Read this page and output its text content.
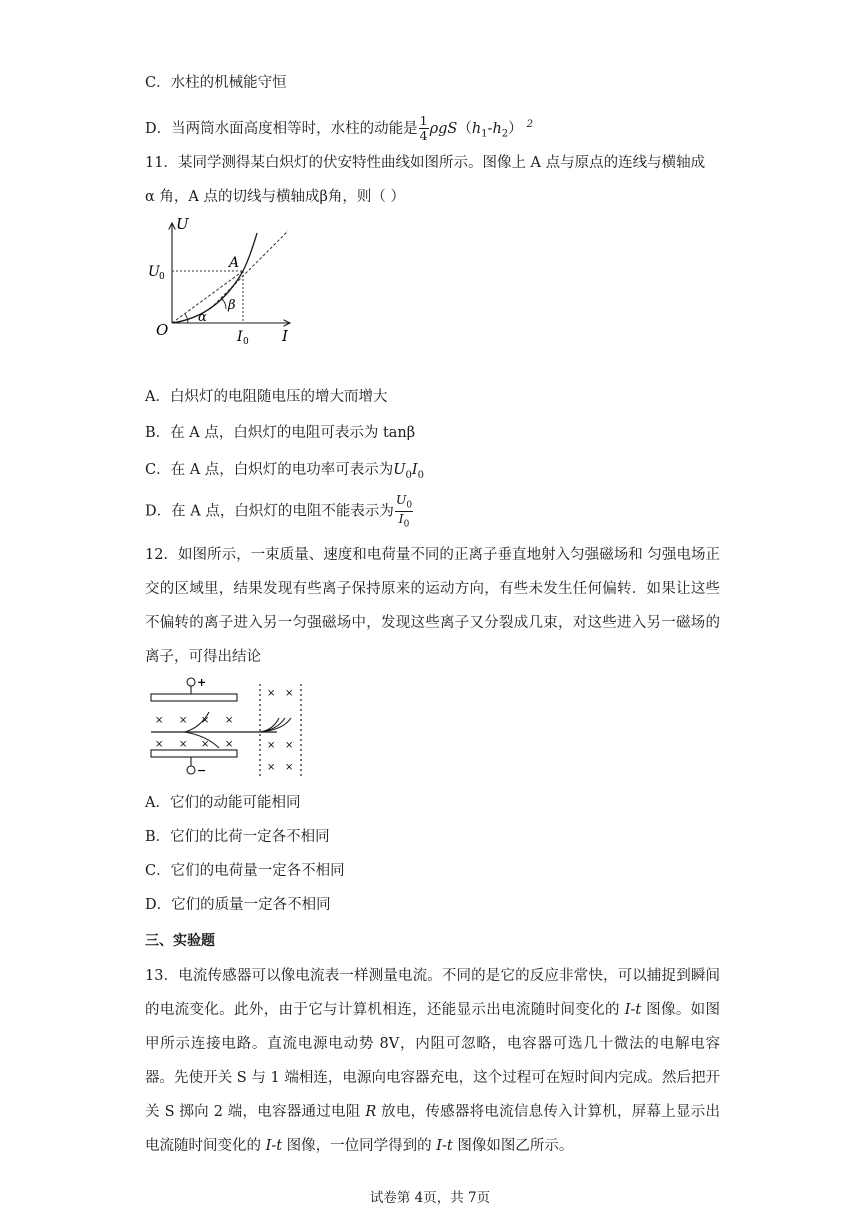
C．水柱的机械能守恒
D．当两筒水面高度相等时，水柱的动能是 $\frac{1}{4} \rho gS(h_1-h_2)$ $^2$
11．某同学测得某白炽灯的伏安特性曲线如图所示。图像上 A 点与原点的连线与横轴成
α 角，A 点的切线与横轴成β角，则（ ）
U
I
O
A
U 0
I 0
α
β
A．白炽灯的电阻随电压的增大而增大
B．在 A 点，白炽灯的电阻可表示为 tanβ
C．在 A 点，白炽灯的电功率可表示为$U_0I_0$
D．在 A 点，白炽灯的电阻不能表示为 $\frac{U_0}{I_0}$
12．如图所示，一束质量、速度和电荷量不同的正离子垂直地射入匀强磁场和 匀强电场正交的区域里，结果发现有些离子保持原来的运动方向，有些未发生任何偏转．如果让这些不偏转的离子进入另一匀强磁场中，发现这些离子又分裂成几束，对这些进入另一磁场的离子，可得出结论
+
−
× × × ×
× × × ×
× ×
× ×
× ×
A．它们的动能可能相同
B．它们的比荷一定各不相同
C．它们的电荷量一定各不相同
D．它们的质量一定各不相同
三、实验题
13．电流传感器可以像电流表一样测量电流。不同的是它的反应非常快，可以捕捉到瞬间的电流变化。此外，由于它与计算机相连，还能显示出电流随时间变化的 I-t 图像。如图甲所示连接电路。直流电源电动势 8V，内阻可忽略，电容器可选几十微法的电解电容器。先使开关 S 与 1 端相连，电源向电容器充电，这个过程可在短时间内完成。然后把开关 S 掷向 2 端，电容器通过电阻 R 放电，传感器将电流信息传入计算机，屏幕上显示出电流随时间变化的 I-t 图像，一位同学得到的 I-t 图像如图乙所示。
试卷第 4页，共 7页
